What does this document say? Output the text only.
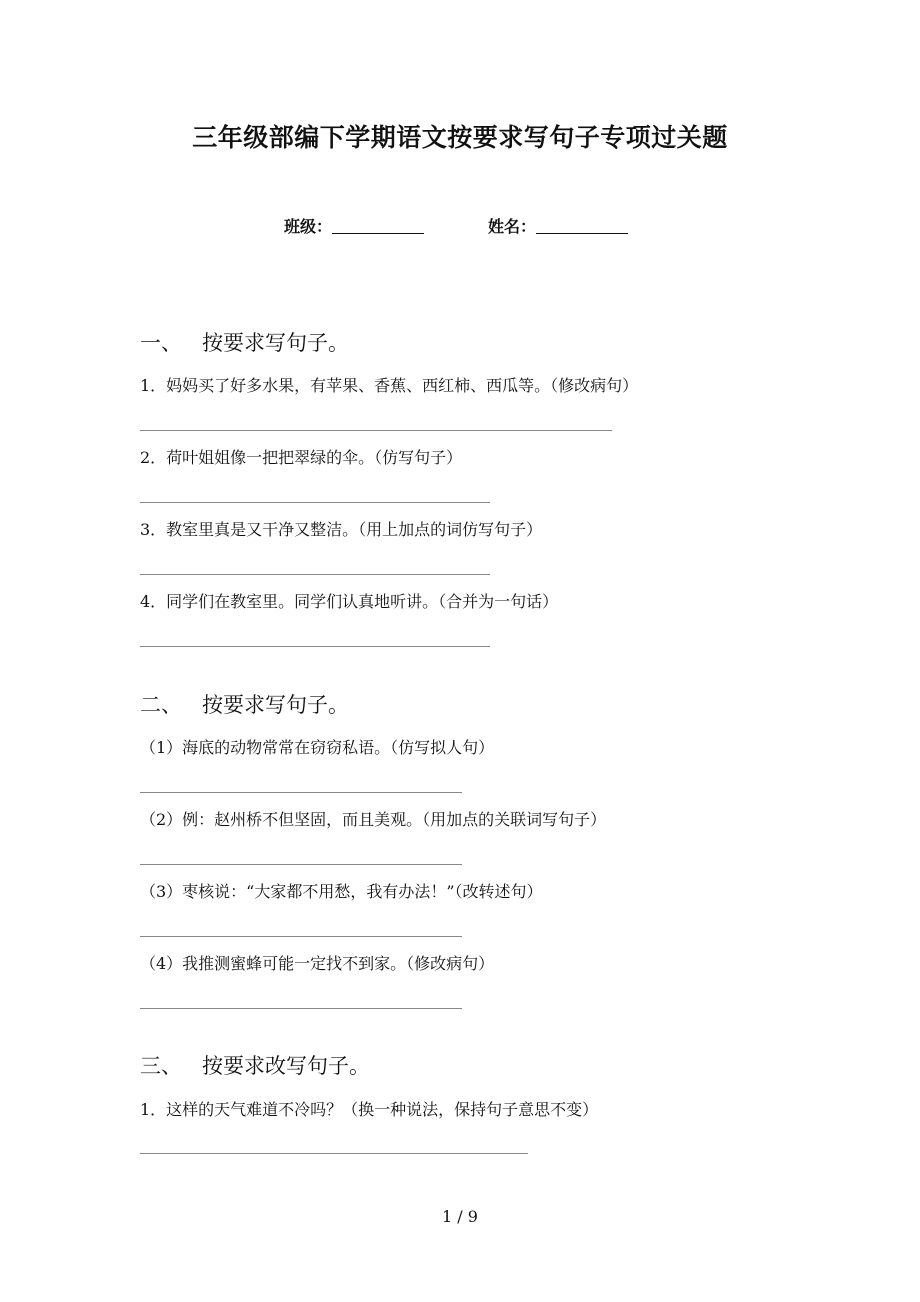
三年级部编下学期语文按要求写句子专项过关题
班级：	姓名：
一、 按要求写句子。
1．妈妈买了好多水果，有苹果、香蕉、西红柿、西瓜等。（修改病句）
2．荷叶姐姐像一把把翠绿的伞。（仿写句子）
3．教室里真是又干净又整洁。（用上加点的词仿写句子）
4．同学们在教室里。同学们认真地听讲。（合并为一句话）
二、 按要求写句子。
（1）海底的动物常常在窃窃私语。（仿写拟人句）
（2）例：赵州桥不但坚固，而且美观。（用加点的关联词写句子）
（3）枣核说：“大家都不用愁，我有办法！”（改转述句）
（4）我推测蜜蜂可能一定找不到家。（修改病句）
三、 按要求改写句子。
1．这样的天气难道不冷吗？（换一种说法，保持句子意思不变）
1 / 9
